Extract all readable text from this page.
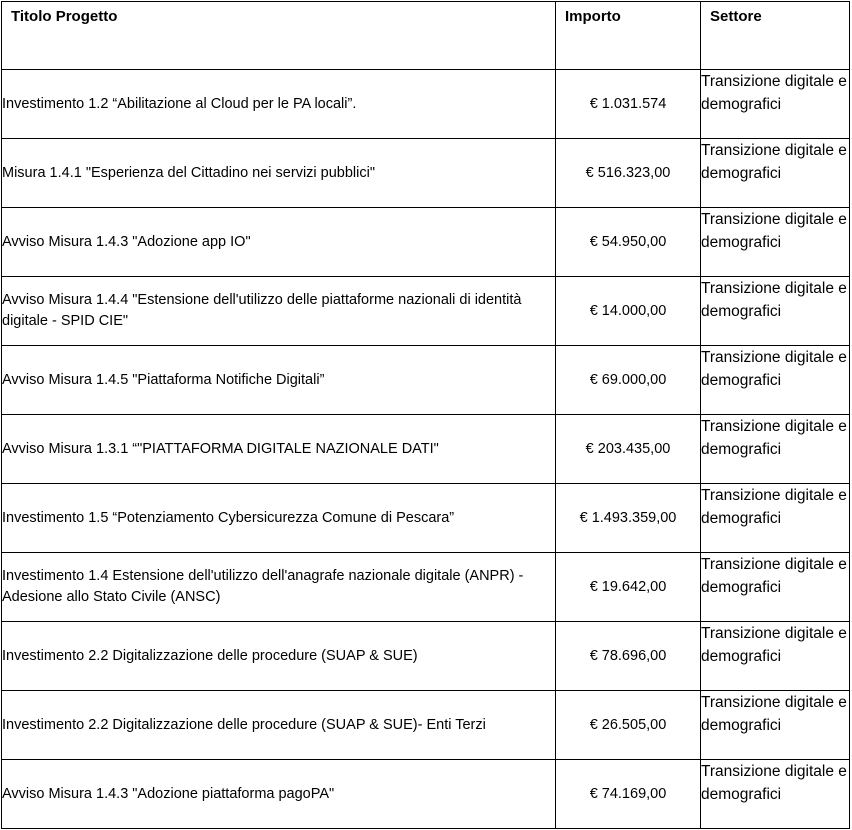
Titolo Progetto	Importo	Settore
Investimento 1.2 “Abilitazione al Cloud per le PA locali”.	€ 1.031.574	Transizione digitale e demografici
Misura 1.4.1 "Esperienza del Cittadino nei servizi pubblici"	€ 516.323,00	Transizione digitale e demografici
Avviso Misura 1.4.3 "Adozione app IO"	€ 54.950,00	Transizione digitale e demografici
Avviso Misura 1.4.4 "Estensione dell'utilizzo delle piattaforme nazionali di identità digitale - SPID CIE"	€ 14.000,00	Transizione digitale e demografici
Avviso Misura 1.4.5 "Piattaforma Notifiche Digitali”	€ 69.000,00	Transizione digitale e demografici
Avviso Misura 1.3.1 “"PIATTAFORMA DIGITALE NAZIONALE DATI"	€ 203.435,00	Transizione digitale e demografici
Investimento 1.5 “Potenziamento Cybersicurezza Comune di Pescara”	€ 1.493.359,00	Transizione digitale e demografici
Investimento 1.4 Estensione dell'utilizzo dell'anagrafe nazionale digitale (ANPR) - Adesione allo Stato Civile (ANSC)	€ 19.642,00	Transizione digitale e demografici
Investimento 2.2 Digitalizzazione delle procedure (SUAP & SUE)	€ 78.696,00	Transizione digitale e demografici
Investimento 2.2 Digitalizzazione delle procedure (SUAP & SUE)- Enti Terzi	€ 26.505,00	Transizione digitale e demografici
Avviso Misura 1.4.3 "Adozione piattaforma pagoPA"	€ 74.169,00	Transizione digitale e demografici
